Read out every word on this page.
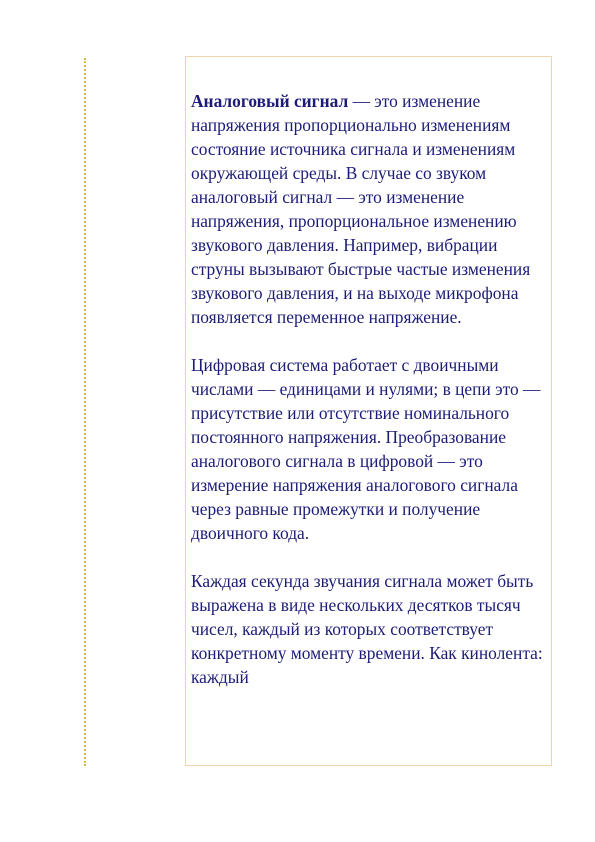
Аналоговый сигнал — это изменение напряжения пропорционально изменениям состояние источника сигнала и изменениям окружающей среды. В случае со звуком аналоговый сигнал — это изменение напряжения, пропорциональное изменению звукового давления. Например, вибрации струны вызывают быстрые частые изменения звукового давления, и на выходе микрофона появляется переменное напряжение.

Цифровая система работает с двоичными числами — единицами и нулями; в цепи это — присутствие или отсутствие номинального постоянного напряжения. Преобразование аналогового сигнала в цифровой — это измерение напряжения аналогового сигнала через равные промежутки и получение двоичного кода.

Каждая секунда звучания сигнала может быть выражена в виде нескольких десятков тысяч чисел, каждый из которых соответствует конкретному моменту времени. Как кинолента: каждый
